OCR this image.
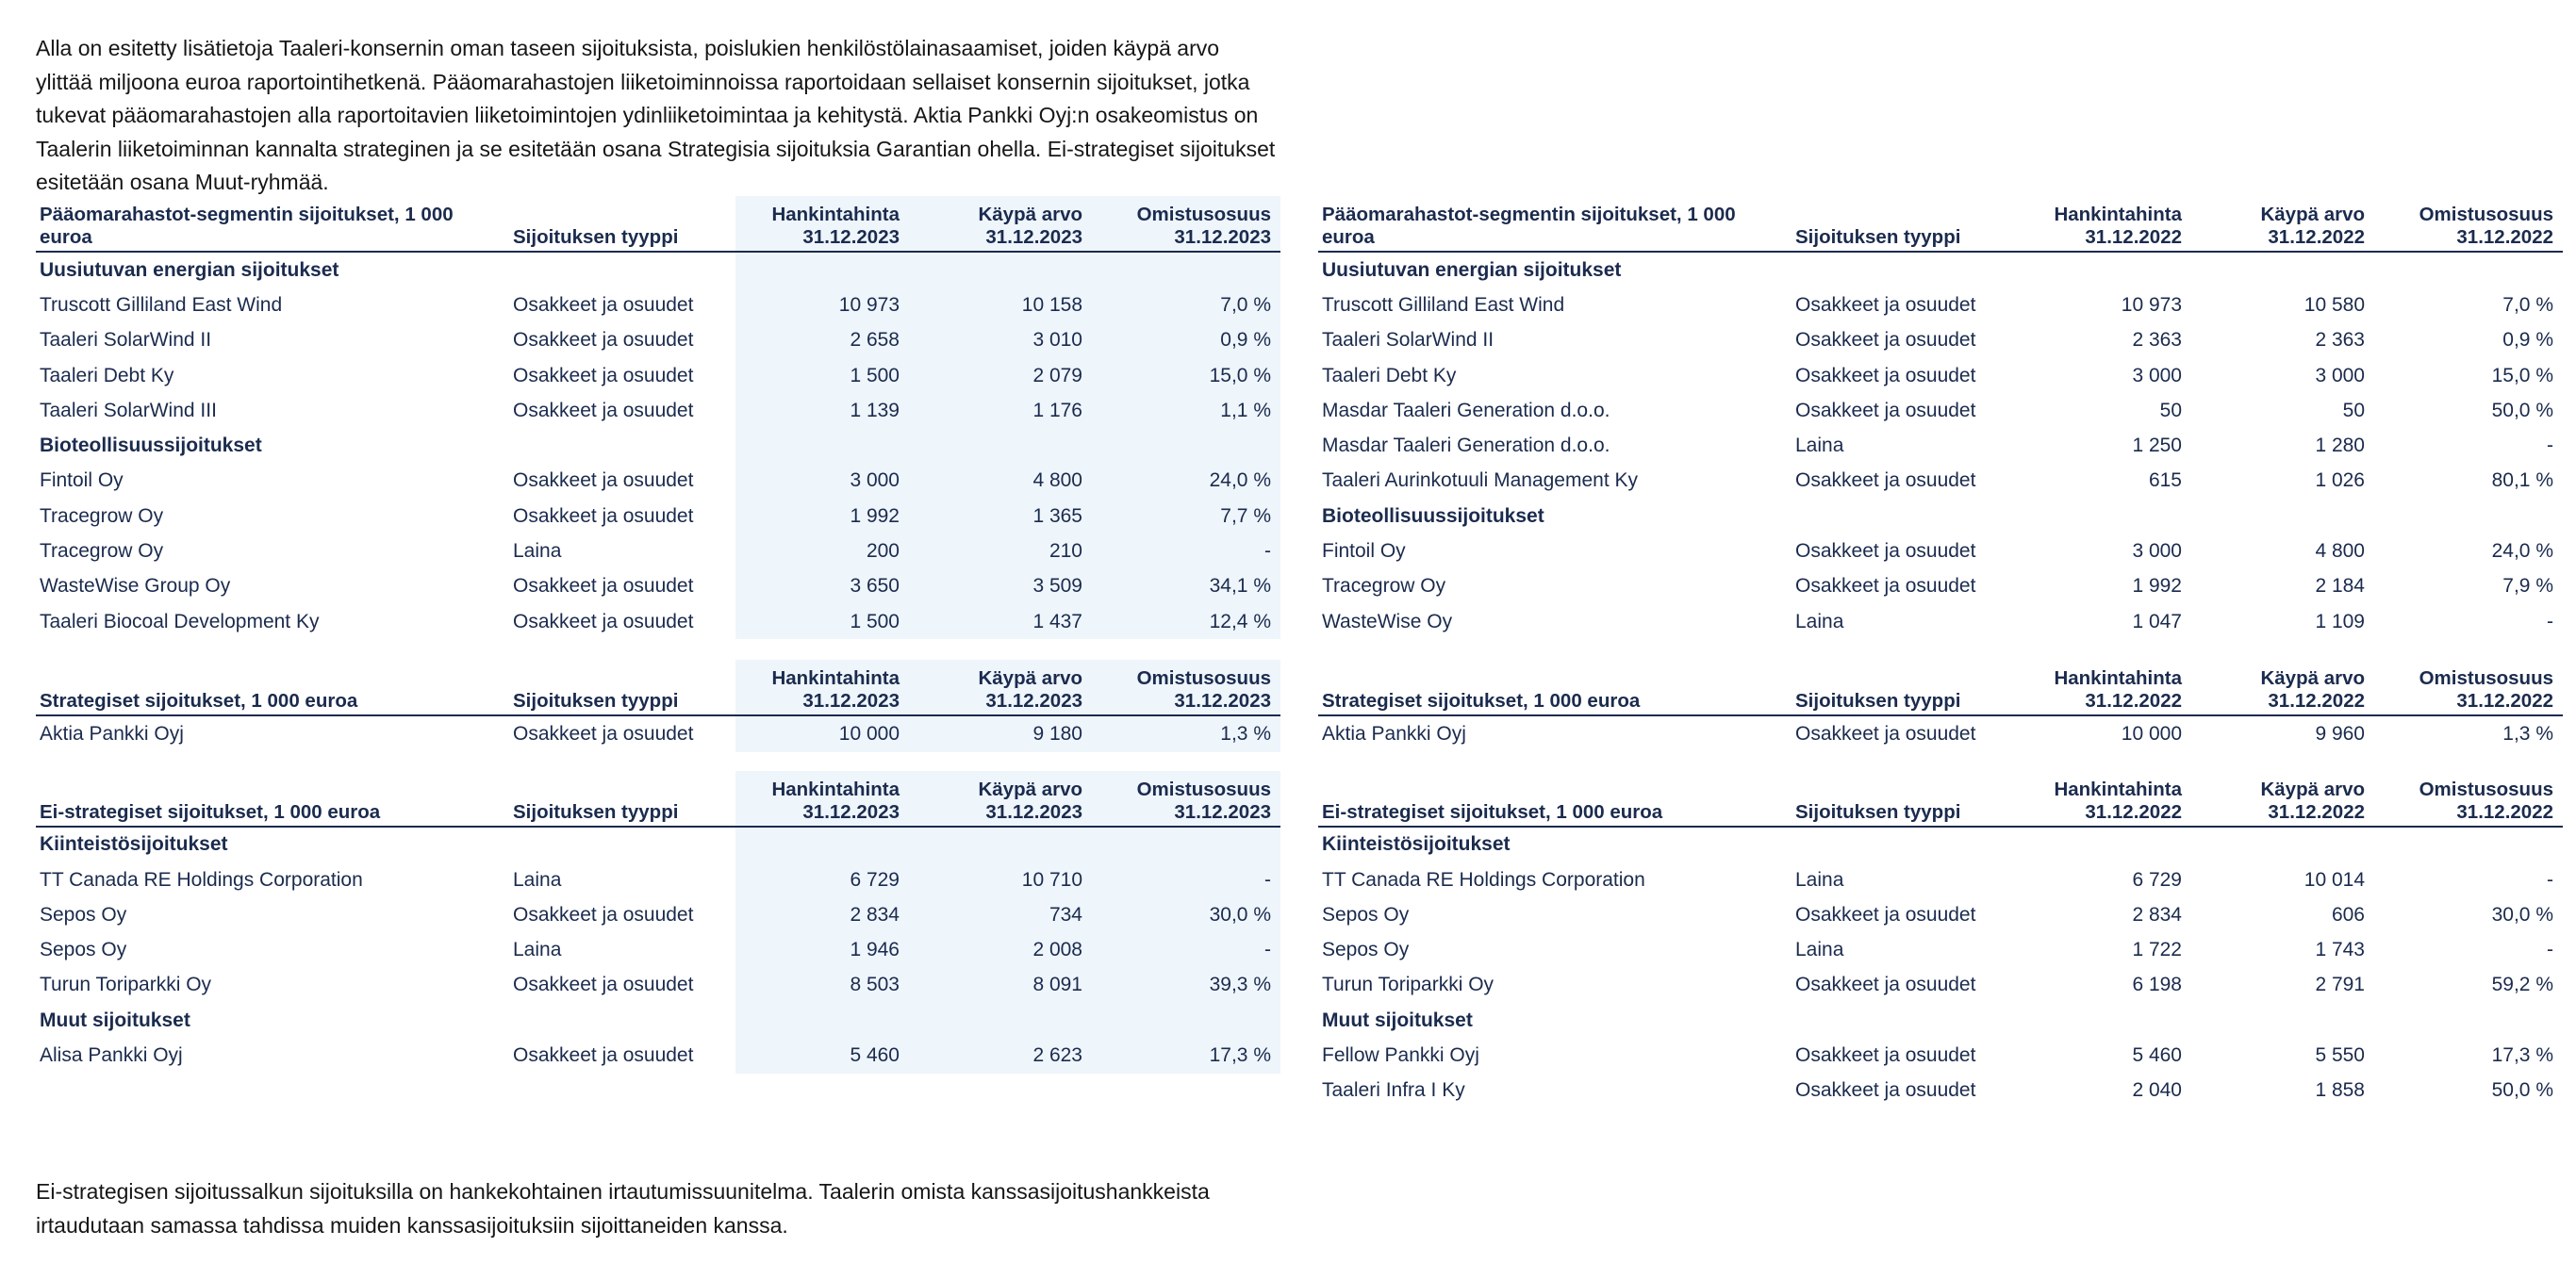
Alla on esitetty lisätietoja Taaleri-konsernin oman taseen sijoituksista, poislukien henkilöstölainasaamiset, joiden käypä arvo ylittää miljoona euroa raportointihetkenä. Pääomarahastojen liiketoiminnoissa raportoidaan sellaiset konsernin sijoitukset, jotka tukevat pääomarahastojen alla raportoitavien liiketoimintojen ydinliiketoimintaa ja kehitystä. Aktia Pankki Oyj:n osakeomistus on Taalerin liiketoiminnan kannalta strateginen ja se esitetään osana Strategisia sijoituksia Garantian ohella. Ei-strategiset sijoitukset esitetään osana Muut-ryhmää.

Pääomarahastot-segmentin sijoitukset, 1 000 euroa	Sijoituksen tyyppi	Hankintahinta 31.12.2023	Käypä arvo 31.12.2023	Omistusosuus 31.12.2023
Uusiutuvan energian sijoitukset				
Truscott Gilliland East Wind	Osakkeet ja osuudet	10 973	10 158	7,0 %
Taaleri SolarWind II	Osakkeet ja osuudet	2 658	3 010	0,9 %
Taaleri Debt Ky	Osakkeet ja osuudet	1 500	2 079	15,0 %
Taaleri SolarWind III	Osakkeet ja osuudet	1 139	1 176	1,1 %
Bioteollisuussijoitukset				
Fintoil Oy	Osakkeet ja osuudet	3 000	4 800	24,0 %
Tracegrow Oy	Osakkeet ja osuudet	1 992	1 365	7,7 %
Tracegrow Oy	Laina	200	210	-
WasteWise Group Oy	Osakkeet ja osuudet	3 650	3 509	34,1 %
Taaleri Biocoal Development Ky	Osakkeet ja osuudet	1 500	1 437	12,4 %
Strategiset sijoitukset, 1 000 euroa	Sijoituksen tyyppi	Hankintahinta 31.12.2023	Käypä arvo 31.12.2023	Omistusosuus 31.12.2023
Aktia Pankki Oyj	Osakkeet ja osuudet	10 000	9 180	1,3 %
Ei-strategiset sijoitukset, 1 000 euroa	Sijoituksen tyyppi	Hankintahinta 31.12.2023	Käypä arvo 31.12.2023	Omistusosuus 31.12.2023
Kiinteistösijoitukset				
TT Canada RE Holdings Corporation	Laina	6 729	10 710	-
Sepos Oy	Osakkeet ja osuudet	2 834	734	30,0 %
Sepos Oy	Laina	1 946	2 008	-
Turun Toriparkki Oy	Osakkeet ja osuudet	8 503	8 091	39,3 %
Muut sijoitukset				
Alisa Pankki Oyj	Osakkeet ja osuudet	5 460	2 623	17,3 %
Pääomarahastot-segmentin sijoitukset, 1 000 euroa	Sijoituksen tyyppi	Hankintahinta 31.12.2022	Käypä arvo 31.12.2022	Omistusosuus 31.12.2022
Uusiutuvan energian sijoitukset				
Truscott Gilliland East Wind	Osakkeet ja osuudet	10 973	10 580	7,0 %
Taaleri SolarWind II	Osakkeet ja osuudet	2 363	2 363	0,9 %
Taaleri Debt Ky	Osakkeet ja osuudet	3 000	3 000	15,0 %
Masdar Taaleri Generation d.o.o.	Osakkeet ja osuudet	50	50	50,0 %
Masdar Taaleri Generation d.o.o.	Laina	1 250	1 280	-
Taaleri Aurinkotuuli Management Ky	Osakkeet ja osuudet	615	1 026	80,1 %
Bioteollisuussijoitukset				
Fintoil Oy	Osakkeet ja osuudet	3 000	4 800	24,0 %
Tracegrow Oy	Osakkeet ja osuudet	1 992	2 184	7,9 %
WasteWise Oy	Laina	1 047	1 109	-
Strategiset sijoitukset, 1 000 euroa	Sijoituksen tyyppi	Hankintahinta 31.12.2022	Käypä arvo 31.12.2022	Omistusosuus 31.12.2022
Aktia Pankki Oyj	Osakkeet ja osuudet	10 000	9 960	1,3 %
Ei-strategiset sijoitukset, 1 000 euroa	Sijoituksen tyyppi	Hankintahinta 31.12.2022	Käypä arvo 31.12.2022	Omistusosuus 31.12.2022
Kiinteistösijoitukset				
TT Canada RE Holdings Corporation	Laina	6 729	10 014	-
Sepos Oy	Osakkeet ja osuudet	2 834	606	30,0 %
Sepos Oy	Laina	1 722	1 743	-
Turun Toriparkki Oy	Osakkeet ja osuudet	6 198	2 791	59,2 %
Muut sijoitukset				
Fellow Pankki Oyj	Osakkeet ja osuudet	5 460	5 550	17,3 %
Taaleri Infra I Ky	Osakkeet ja osuudet	2 040	1 858	50,0 %

Ei-strategisen sijoitussalkun sijoituksilla on hankekohtainen irtautumissuunitelma. Taalerin omista kanssasijoitushankkeista irtaudutaan samassa tahdissa muiden kanssasijoituksiin sijoittaneiden kanssa.
